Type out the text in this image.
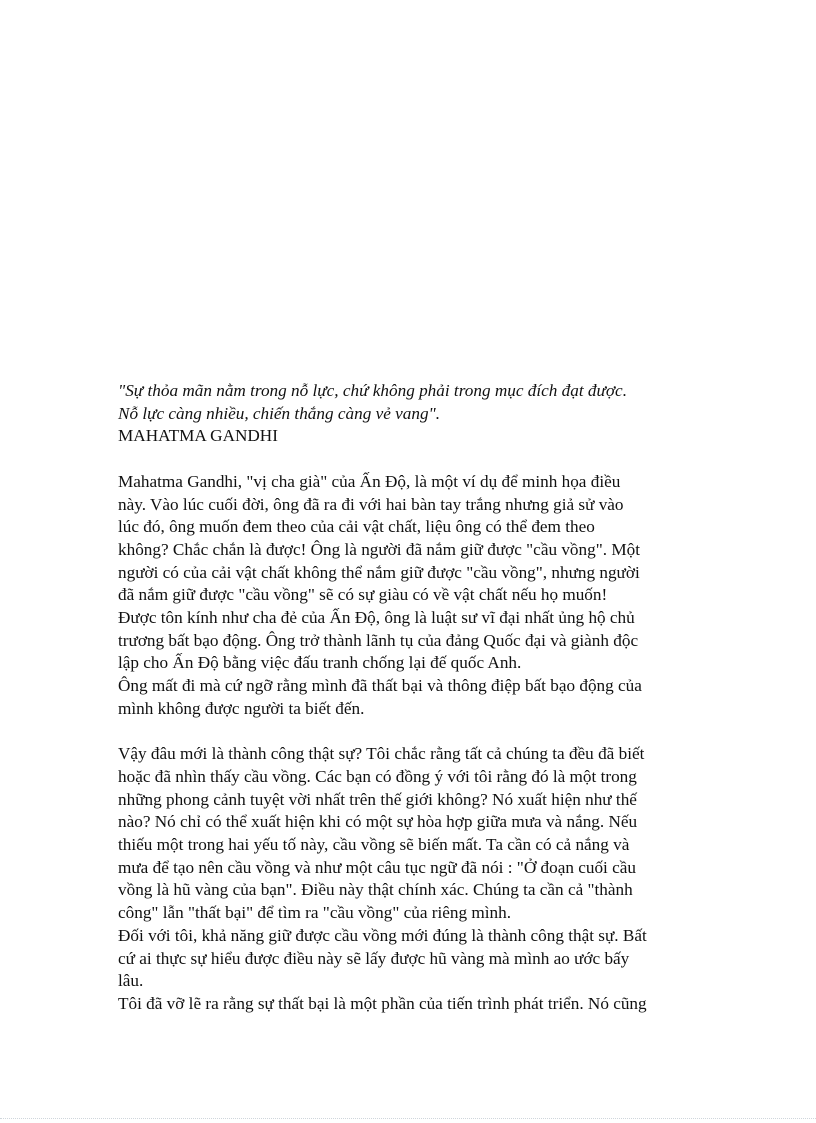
"Sự thỏa mãn nằm trong nỗ lực, chứ không phải trong mục đích đạt được.
Nỗ lực càng nhiều, chiến thắng càng vẻ vang".
MAHATMA GANDHI
Mahatma Gandhi, "vị cha già" của Ấn Độ, là một ví dụ để minh họa điều
này. Vào lúc cuối đời, ông đã ra đi với hai bàn tay trắng nhưng giả sử vào
lúc đó, ông muốn đem theo của cải vật chất, liệu ông có thể đem theo
không? Chắc chắn là được! Ông là người đã nắm giữ được "cầu vồng". Một
người có của cải vật chất không thể nắm giữ được "cầu vồng", nhưng người
đã nắm giữ được "cầu vồng" sẽ có sự giàu có về vật chất nếu họ muốn!
Được tôn kính như cha đẻ của Ấn Độ, ông là luật sư vĩ đại nhất ủng hộ chủ
trương bất bạo động. Ông trở thành lãnh tụ của đảng Quốc đại và giành độc
lập cho Ấn Độ bằng việc đấu tranh chống lại đế quốc Anh.
Ông mất đi mà cứ ngỡ rằng mình đã thất bại và thông điệp bất bạo động của
mình không được người ta biết đến.
Vậy đâu mới là thành công thật sự? Tôi chắc rằng tất cả chúng ta đều đã biết
hoặc đã nhìn thấy cầu vồng. Các bạn có đồng ý với tôi rằng đó là một trong
những phong cảnh tuyệt vời nhất trên thế giới không? Nó xuất hiện như thế
nào? Nó chỉ có thể xuất hiện khi có một sự hòa hợp giữa mưa và nắng. Nếu
thiếu một trong hai yếu tố này, cầu vồng sẽ biến mất. Ta cần có cả nắng và
mưa để tạo nên cầu vồng và như một câu tục ngữ đã nói : "Ở đoạn cuối cầu
vồng là hũ vàng của bạn". Điều này thật chính xác. Chúng ta cần cả "thành
công" lẫn "thất bại" để tìm ra "cầu vồng" của riêng mình.
Đối với tôi, khả năng giữ được cầu vồng mới đúng là thành công thật sự. Bất
cứ ai thực sự hiểu được điều này sẽ lấy được hũ vàng mà mình ao ước bấy
lâu.
Tôi đã vỡ lẽ ra rằng sự thất bại là một phần của tiến trình phát triển. Nó cũng
